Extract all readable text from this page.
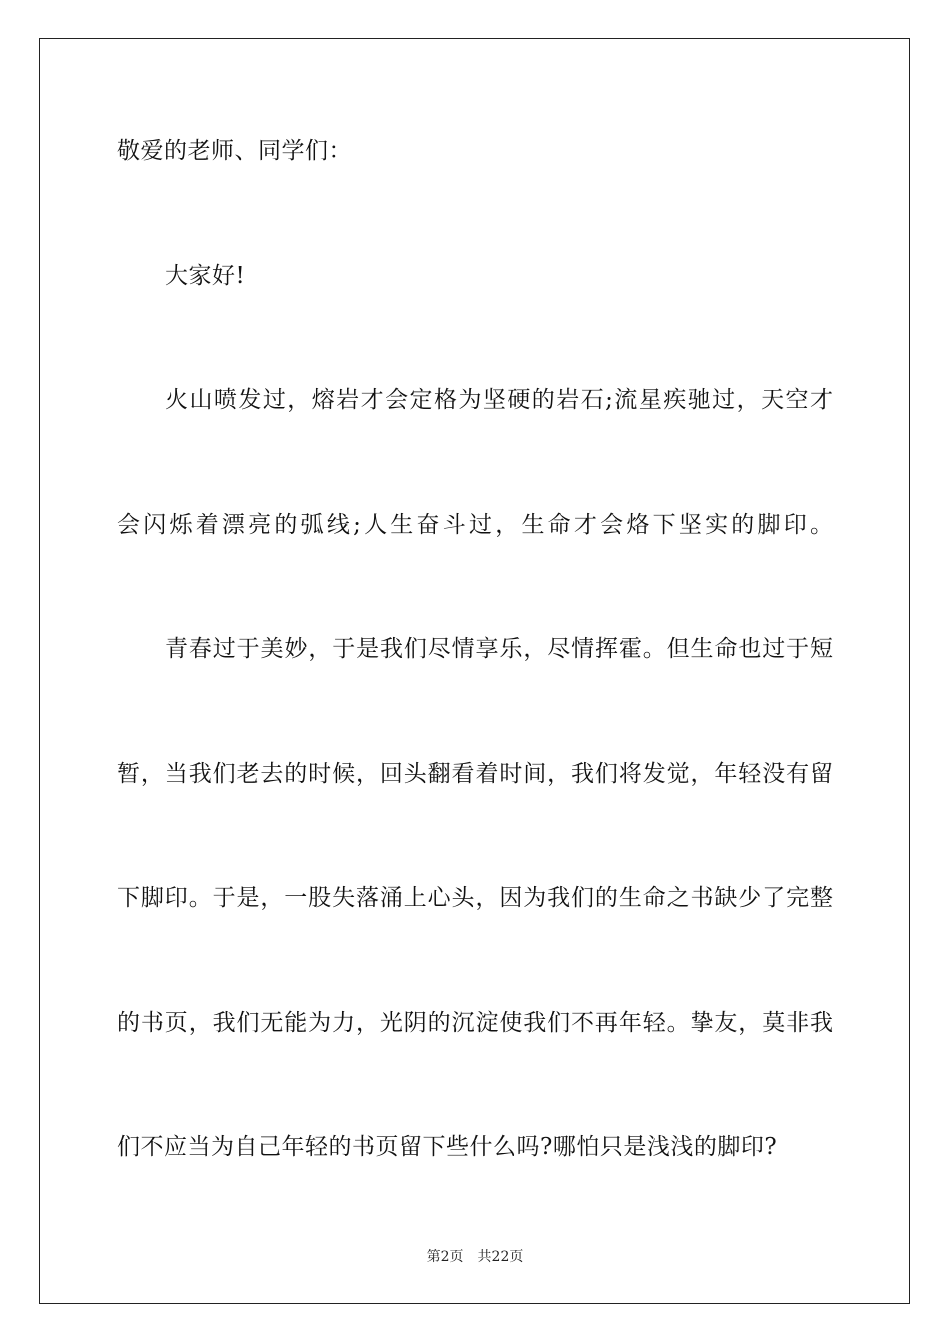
敬爱的老师、同学们：
大家好!
火山喷发过，熔岩才会定格为坚硬的岩石;流星疾驰过，天空才
会闪烁着漂亮的弧线;人生奋斗过，生命才会烙下坚实的脚印。
青春过于美妙，于是我们尽情享乐，尽情挥霍。但生命也过于短
暂，当我们老去的时候，回头翻看着时间，我们将发觉，年轻没有留
下脚印。于是，一股失落涌上心头，因为我们的生命之书缺少了完整
的书页，我们无能为力，光阴的沉淀使我们不再年轻。挚友，莫非我
们不应当为自己年轻的书页留下些什么吗?哪怕只是浅浅的脚印?
第2页 共22页
